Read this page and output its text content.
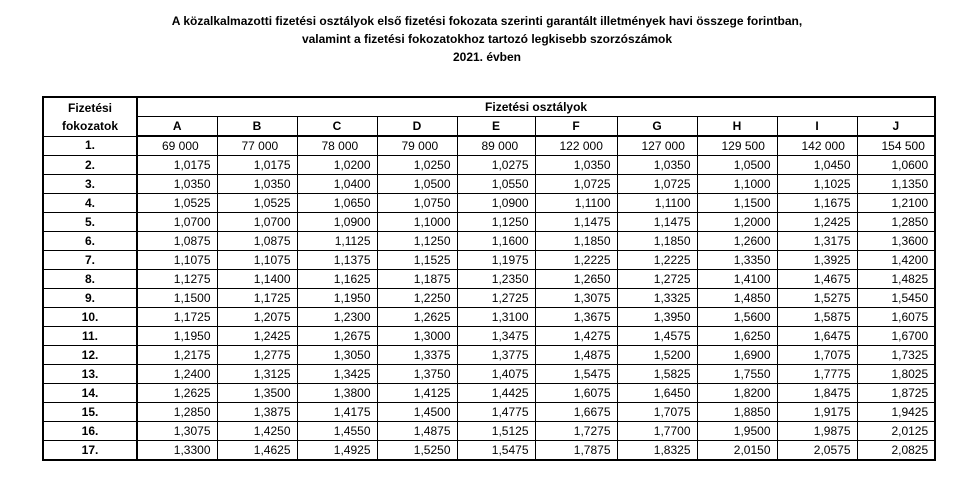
A közalkalmazotti fizetési osztályok első fizetési fokozata szerinti garantált illetmények havi összege forintban,
valamint a fizetési fokozatokhoz tartozó legkisebb szorzószámok
2021. évben
Fizetési
fokozatok	Fizetési osztályok									
	A	B	C	D	E	F	G	H	I	J
1.	69 000	77 000	78 000	79 000	89 000	122 000	127 000	129 500	142 000	154 500
2.	1,0175	1,0175	1,0200	1,0250	1,0275	1,0350	1,0350	1,0500	1,0450	1,0600
3.	1,0350	1,0350	1,0400	1,0500	1,0550	1,0725	1,0725	1,1000	1,1025	1,1350
4.	1,0525	1,0525	1,0650	1,0750	1,0900	1,1100	1,1100	1,1500	1,1675	1,2100
5.	1,0700	1,0700	1,0900	1,1000	1,1250	1,1475	1,1475	1,2000	1,2425	1,2850
6.	1,0875	1,0875	1,1125	1,1250	1,1600	1,1850	1,1850	1,2600	1,3175	1,3600
7.	1,1075	1,1075	1,1375	1,1525	1,1975	1,2225	1,2225	1,3350	1,3925	1,4200
8.	1,1275	1,1400	1,1625	1,1875	1,2350	1,2650	1,2725	1,4100	1,4675	1,4825
9.	1,1500	1,1725	1,1950	1,2250	1,2725	1,3075	1,3325	1,4850	1,5275	1,5450
10.	1,1725	1,2075	1,2300	1,2625	1,3100	1,3675	1,3950	1,5600	1,5875	1,6075
11.	1,1950	1,2425	1,2675	1,3000	1,3475	1,4275	1,4575	1,6250	1,6475	1,6700
12.	1,2175	1,2775	1,3050	1,3375	1,3775	1,4875	1,5200	1,6900	1,7075	1,7325
13.	1,2400	1,3125	1,3425	1,3750	1,4075	1,5475	1,5825	1,7550	1,7775	1,8025
14.	1,2625	1,3500	1,3800	1,4125	1,4425	1,6075	1,6450	1,8200	1,8475	1,8725
15.	1,2850	1,3875	1,4175	1,4500	1,4775	1,6675	1,7075	1,8850	1,9175	1,9425
16.	1,3075	1,4250	1,4550	1,4875	1,5125	1,7275	1,7700	1,9500	1,9875	2,0125
17.	1,3300	1,4625	1,4925	1,5250	1,5475	1,7875	1,8325	2,0150	2,0575	2,0825
